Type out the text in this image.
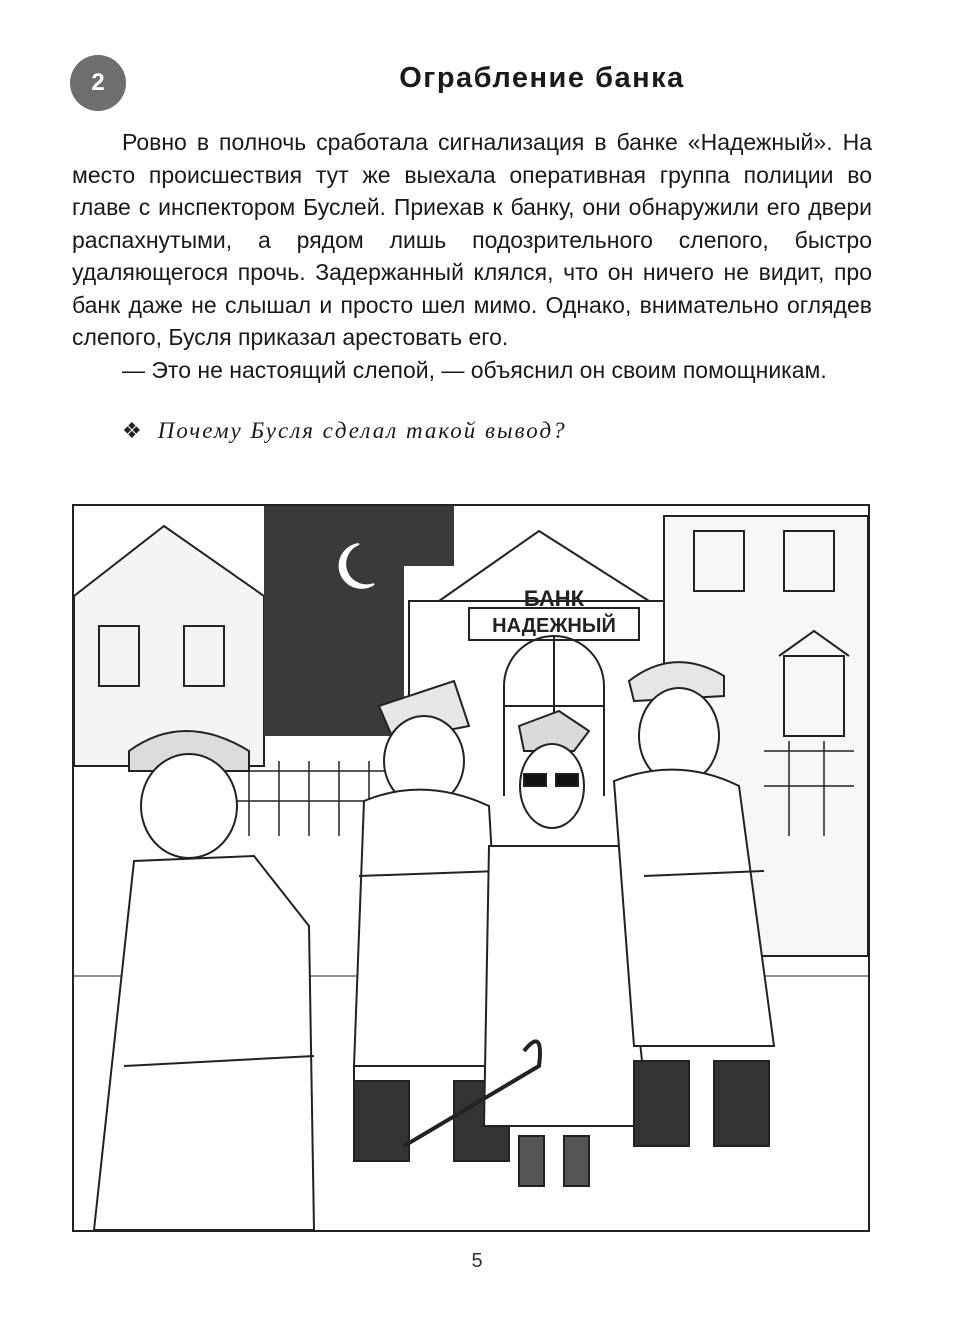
2	Ограбление банка

Ровно в полночь сработала сигнализация в банке «Надежный». На место происшествия тут же выехала оперативная группа полиции во главе с инспектором Буслей. Приехав к банку, они обнаружили его двери распахнутыми, а рядом лишь подозрительного слепого, быстро удаляющегося прочь. Задержанный клялся, что он ничего не видит, про банк даже не слышал и просто шел мимо. Однако, внимательно оглядев слепого, Бусля приказал арестовать его.

— Это не настоящий слепой, — объяснил он своим помощникам.

❖ Почему Бусля сделал такой вывод?
БАНК
НАДЕЖНЫЙ
5
